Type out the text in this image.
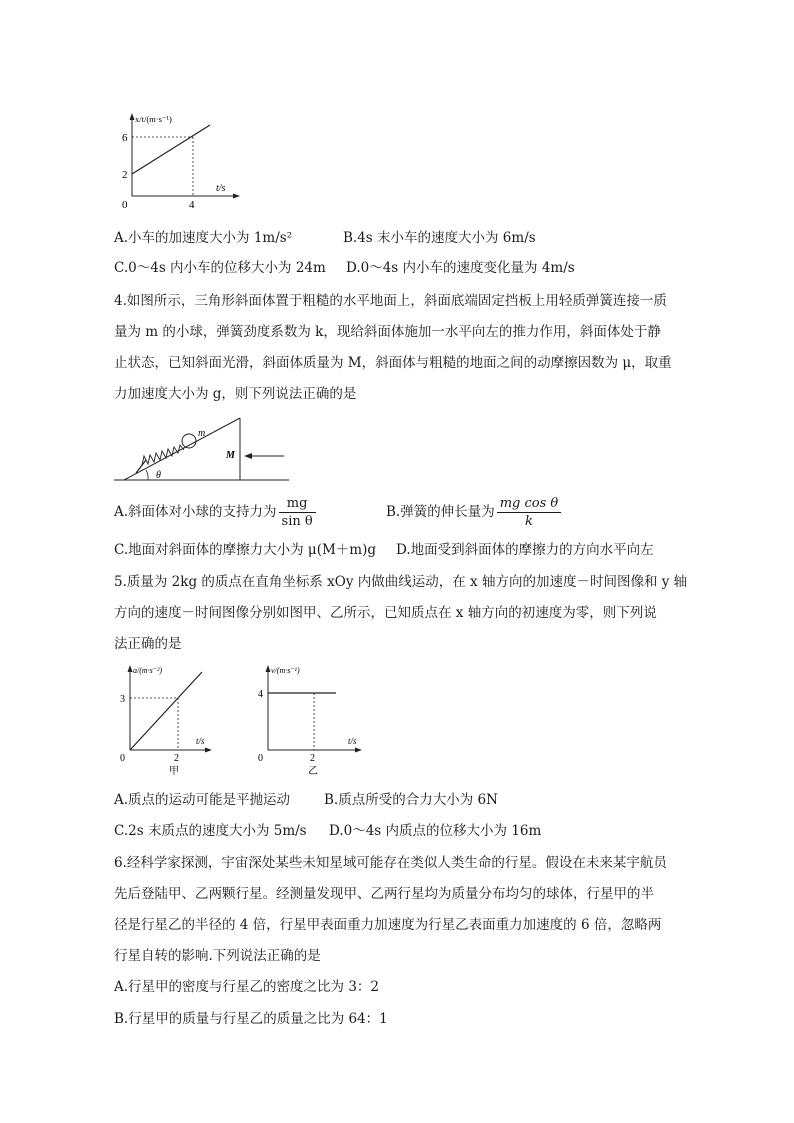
x/t/(m·s⁻¹)
6
2
0	4
t/s
A.小车的加速度大小为 1m/s²	B.4s 末小车的速度大小为 6m/s
C.0～4s 内小车的位移大小为 24m D.0～4s 内小车的速度变化量为 4m/s
4.如图所示，三角形斜面体置于粗糙的水平地面上，斜面底端固定挡板上用轻质弹簧连接一质
量为 m 的小球，弹簧劲度系数为 k，现给斜面体施加一水平向左的推力作用，斜面体处于静
止状态，已知斜面光滑，斜面体质量为 M，斜面体与粗糙的地面之间的动摩擦因数为 μ，取重
力加速度大小为 g，则下列说法正确的是
θ
m
M
A.斜面体对小球的支持力为 $\frac{mg}{\text{sin θ}}$	B.弹簧的伸长量为 $\frac{\text{mg cos θ}}{k}$
C.地面对斜面体的摩擦力大小为 μ(M＋m)g D.地面受到斜面体的摩擦力的方向水平向左
5.质量为 2kg 的质点在直角坐标系 xOy 内做曲线运动，在 x 轴方向的加速度－时间图像和 y 轴
方向的速度－时间图像分别如图甲、乙所示，已知质点在 x 轴方向的初速度为零，则下列说
法正确的是
a/(m·s⁻²)
3
0	2
t/s
甲
v/(m·s⁻¹)
4
0	2
t/s
乙
A.质点的运动可能是平抛运动	B.质点所受的合力大小为 6N
C.2s 末质点的速度大小为 5m/s D.0～4s 内质点的位移大小为 16m
6.经科学家探测，宇宙深处某些未知星域可能存在类似人类生命的行星。假设在未来某宇航员
先后登陆甲、乙两颗行星。经测量发现甲、乙两行星均为质量分布均匀的球体，行星甲的半
径是行星乙的半径的 4 倍，行星甲表面重力加速度为行星乙表面重力加速度的 6 倍，忽略两
行星自转的影响.下列说法正确的是
A.行星甲的密度与行星乙的密度之比为 3：2
B.行星甲的质量与行星乙的质量之比为 64：1
